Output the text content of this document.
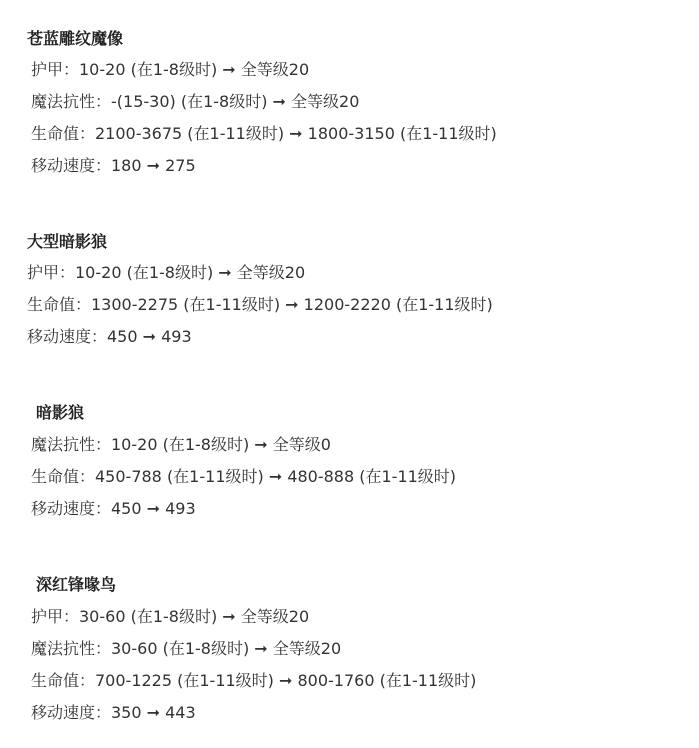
苍蓝雕纹魔像
护甲：10-20 (在1-8级时) ➞ 全等级20
魔法抗性：-(15-30) (在1-8级时) ➞ 全等级20
生命值：2100-3675 (在1-11级时) ➞ 1800-3150 (在1-11级时)
移动速度：180 ➞ 275
大型暗影狼
护甲：10-20 (在1-8级时) ➞ 全等级20
生命值：1300-2275 (在1-11级时) ➞ 1200-2220 (在1-11级时)
移动速度：450 ➞ 493
暗影狼
魔法抗性：10-20 (在1-8级时) ➞ 全等级0
生命值：450-788 (在1-11级时) ➞ 480-888 (在1-11级时)
移动速度：450 ➞ 493
深红锋喙鸟
护甲：30-60 (在1-8级时) ➞ 全等级20
魔法抗性：30-60 (在1-8级时) ➞ 全等级20
生命值：700-1225 (在1-11级时) ➞ 800-1760 (在1-11级时)
移动速度：350 ➞ 443
